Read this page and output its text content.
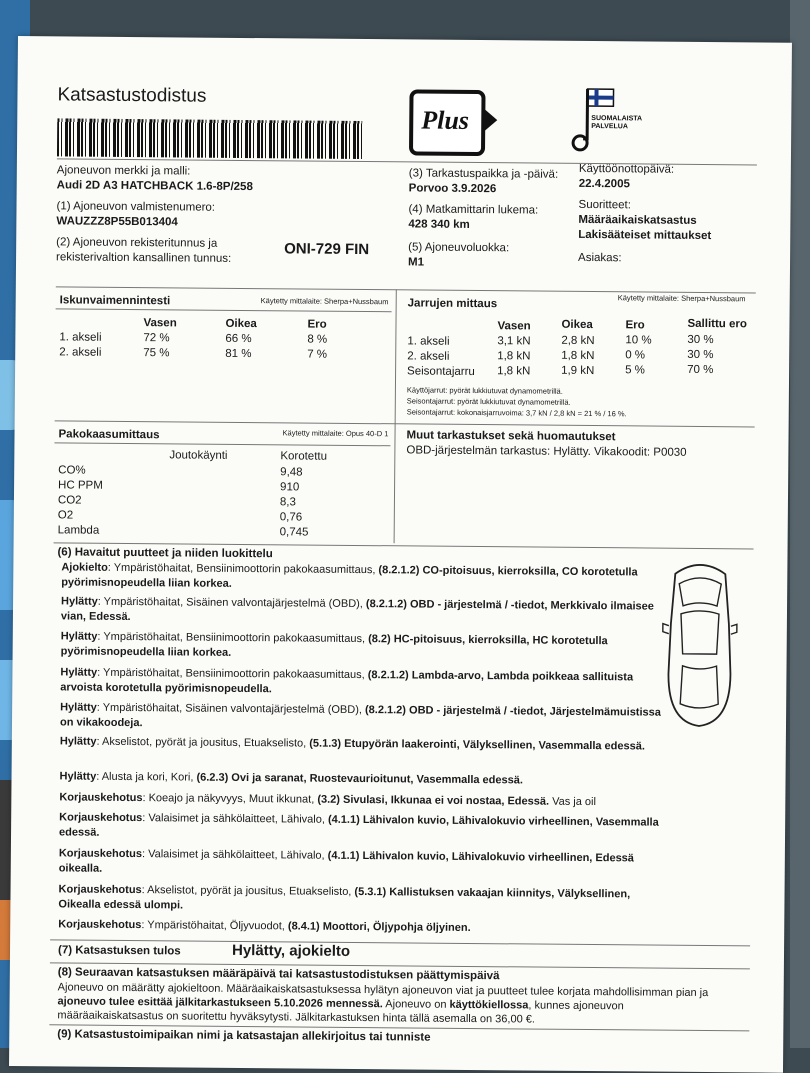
Katsastustodistus
Plus	SUOMALAISTA
PALVELUA
Ajoneuvon merkki ja malli:
Audi 2D A3 HATCHBACK 1.6-8P/258
(1) Ajoneuvon valmistenumero:
WAUZZZ8P55B013404
(2) Ajoneuvon rekisteritunnus ja
rekisterivaltion kansallinen tunnus:
ONI-729 FIN
(3) Tarkastuspaikka ja -päivä:
Porvoo 3.9.2026
(4) Matkamittarin lukema:
428 340 km
(5) Ajoneuvoluokka:
M1
Käyttöönottopäivä:
22.4.2005
Suoritteet:
Määräaikaiskatsastus
Lakisääteiset mittaukset
Asiakas:
Iskunvaimennintesti	Käytetty mittalaite: Sherpa+Nussbaum
Vasen	Oikea	Ero
1. akseli	72 %	66 %	8 %
2. akseli	75 %	81 %	7 %
Jarrujen mittaus	Käytetty mittalaite: Sherpa+Nussbaum
Vasen	Oikea	Ero	Sallittu ero
1. akseli	3,1 kN	2,8 kN	10 %	30 %
2. akseli	1,8 kN	1,8 kN	0 %	30 %
Seisontajarru 1,8 kN	1,9 kN	5 %	70 %
Käyttöjarrut: pyörät lukkiutuvat dynamometrillä.
Seisontajarrut: pyörät lukkiutuvat dynamometrillä.
Seisontajarrut: kokonaisjarruvoima: 3,7 kN / 2,8 kN = 21 % / 16 %.
Pakokaasumittaus	Käytetty mittalaite: Opus 40-D 1
Joutokäynti	Korotettu
CO%	9,48
HC PPM	910
CO2	8,3
O2	0,76
Lambda	0,745
Muut tarkastukset sekä huomautukset
OBD-järjestelmän tarkastus: Hylätty. Vikakoodit: P0030
(6) Havaitut puutteet ja niiden luokittelu
Ajokielto: Ympäristöhaitat, Bensiinimoottorin pakokaasumittaus, (8.2.1.2) CO-pitoisuus, kierroksilla, CO korotetulla pyörimisnopeudella liian korkea.
Hylätty: Ympäristöhaitat, Sisäinen valvontajärjestelmä (OBD), (8.2.1.2) OBD - järjestelmä / -tiedot, Merkkivalo ilmaisee vian, Edessä.
Hylätty: Ympäristöhaitat, Bensiinimoottorin pakokaasumittaus, (8.2) HC-pitoisuus, kierroksilla, HC korotetulla pyörimisnopeudella liian korkea.
Hylätty: Ympäristöhaitat, Bensiinimoottorin pakokaasumittaus, (8.2.1.2) Lambda-arvo, Lambda poikkeaa sallituista arvoista korotetulla pyörimisnopeudella.
Hylätty: Ympäristöhaitat, Sisäinen valvontajärjestelmä (OBD), (8.2.1.2) OBD - järjestelmä / -tiedot, Järjestelmämuistissa on vikakoodeja.
Hylätty: Akselistot, pyörät ja jousitus, Etuakselisto, (5.1.3) Etupyörän laakerointi, Välyksellinen, Vasemmalla edessä.
Hylätty: Alusta ja kori, Kori, (6.2.3) Ovi ja saranat, Ruostevaurioitunut, Vasemmalla edessä.
Korjauskehotus: Koeajo ja näkyvyys, Muut ikkunat, (3.2) Sivulasi, Ikkunaa ei voi nostaa, Edessä. Vas ja oil
Korjauskehotus: Valaisimet ja sähkölaitteet, Lähivalo, (4.1.1) Lähivalon kuvio, Lähivalokuvio virheellinen, Vasemmalla edessä.
Korjauskehotus: Valaisimet ja sähkölaitteet, Lähivalo, (4.1.1) Lähivalon kuvio, Lähivalokuvio virheellinen, Edessä oikealla.
Korjauskehotus: Akselistot, pyörät ja jousitus, Etuakselisto, (5.3.1) Kallistuksen vakaajan kiinnitys, Välyksellinen, Oikealla edessä ulompi.
Korjauskehotus: Ympäristöhaitat, Öljyvuodot, (8.4.1) Moottori, Öljypohja öljyinen.
(7) Katsastuksen tulos	Hylätty, ajokielto
(8) Seuraavan katsastuksen määräpäivä tai katsastustodistuksen päättymispäivä
Ajoneuvo on määrätty ajokieltoon. Määräaikaiskatsastuksessa hylätyn ajoneuvon viat ja puutteet tulee korjata mahdollisimman pian ja
ajoneuvo tulee esittää jälkitarkastukseen 5.10.2026 mennessä. Ajoneuvo on käyttökiellossa, kunnes ajoneuvon
määräaikaiskatsastus on suoritettu hyväksytysti. Jälkitarkastuksen hinta tällä asemalla on 36,00 €.
(9) Katsastustoimipaikan nimi ja katsastajan allekirjoitus tai tunniste
